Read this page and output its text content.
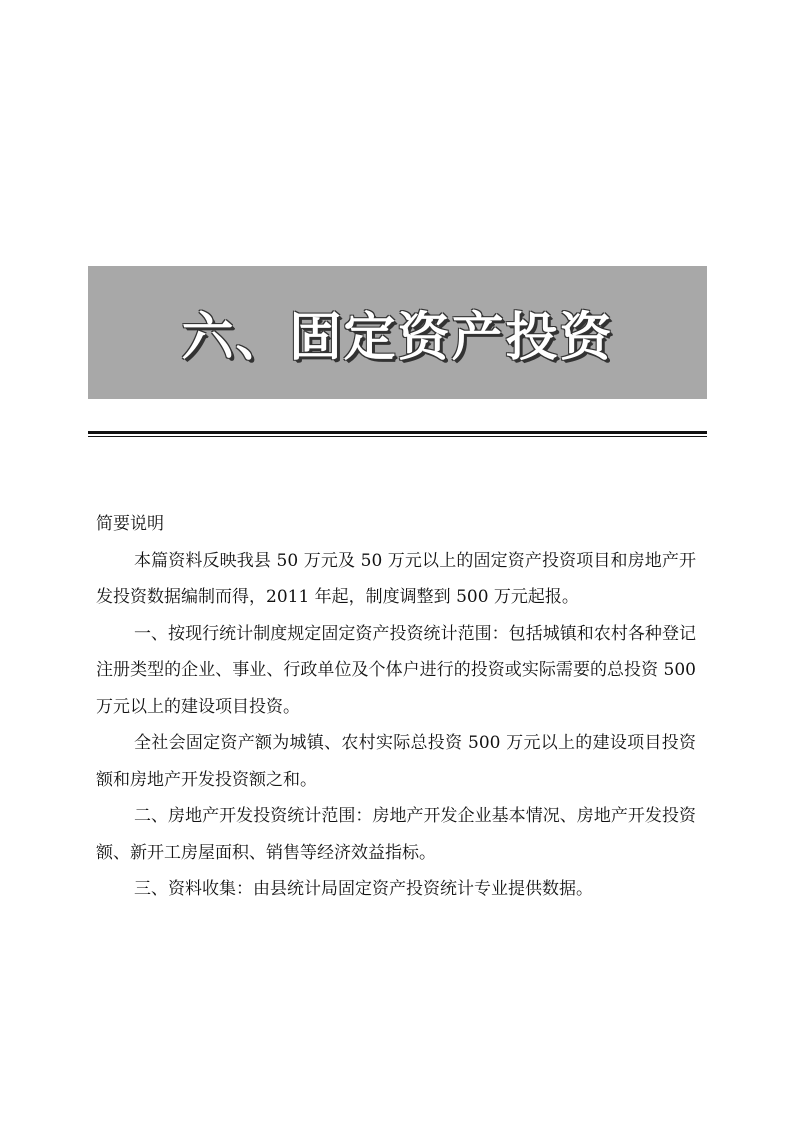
六、固定资产投资

简要说明

本篇资料反映我县 50 万元及 50 万元以上的固定资产投资项目和房地产开发投资数据编制而得，2011 年起，制度调整到 500 万元起报。

一、按现行统计制度规定固定资产投资统计范围：包括城镇和农村各种登记注册类型的企业、事业、行政单位及个体户进行的投资或实际需要的总投资 500 万元以上的建设项目投资。

全社会固定资产额为城镇、农村实际总投资 500 万元以上的建设项目投资额和房地产开发投资额之和。

二、房地产开发投资统计范围：房地产开发企业基本情况、房地产开发投资额、新开工房屋面积、销售等经济效益指标。

三、资料收集：由县统计局固定资产投资统计专业提供数据。
